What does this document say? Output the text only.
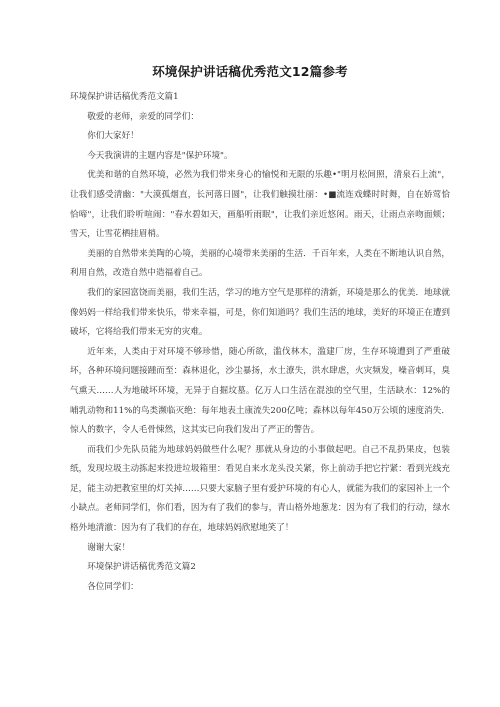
环境保护讲话稿优秀范文12篇参考

环境保护讲话稿优秀范文篇1

敬爱的老师，亲爱的同学们：

你们大家好！

今天我演讲的主题内容是"保护环境"。

优美和谐的自然环境，必然为我们带来身心的愉悦和无限的乐趣•"明月松间照，清泉石上流"，让我们感受清幽："大漠孤烟直，长河落日圆"，让我们触摸壮丽：•■流连戏蝶时时舞，自在娇莺恰恰啼"，让我们聆听喧闹："春水碧如天，画船听雨眠"，让我们亲近悠闲。雨天，让雨点亲吻面颊；雪天，让雪花栖挂眉梢。

美丽的自然带来美陶的心境，美丽的心境带来美丽的生活．千百年来，人类在不断地认识自然，利用自然，改造自然中造福着自己。

我们的家园富饶而美丽，我们生活，学习的地方空气是那样的清新，环境是那么的优美．地球就像妈妈一样给我们带来快乐，带来幸福，可是，你们知道吗？我们生活的地球，美好的环境正在遭到破坏，它将给我们带来无穷的灾难。

近年来，人类由于对环境不够珍惜，随心所欲，滥伐林木，滥建厂房，生存环境遭到了严重破坏，各种环境问题接踵而至：森林退化，沙尘暴扬，水土潦失，洪水肆虐，火灾频发，噪音刺耳，臭气熏天……人为地破坏环境，无异于自掘坟墓。亿万人口生活在混浊的空气里，生活缺水：12%的哺乳动物和11%的鸟类濒临灭绝：每年地表土康流失200亿吨；森林以每年450万公顷的速度消失．惊人的数字，令人毛骨悚然，这其实已向我们发出了严正的警告。

而我们少先队员能为地球妈妈做些什么呢？那就从身边的小事做起吧。自己不乱扔果皮，包装纸，发现垃圾主动拣起来投进垃圾箱里：看见自来水龙头没关紧，你上前动手把它拧紧：看到光线充足，能主动把教室里的灯关掉……只要大家脑子里有爱护环境的有心人，就能为我们的家园补上一个小缺点。老师同学们，你们看，因为有了我们的参与，青山格外地葱龙：因为有了我们的行动，绿水格外地清澈：因为有了我们的存在，地球妈妈欣慰地笑了！

谢谢大家！

环境保护讲话稿优秀范文篇2

各位同学们：
